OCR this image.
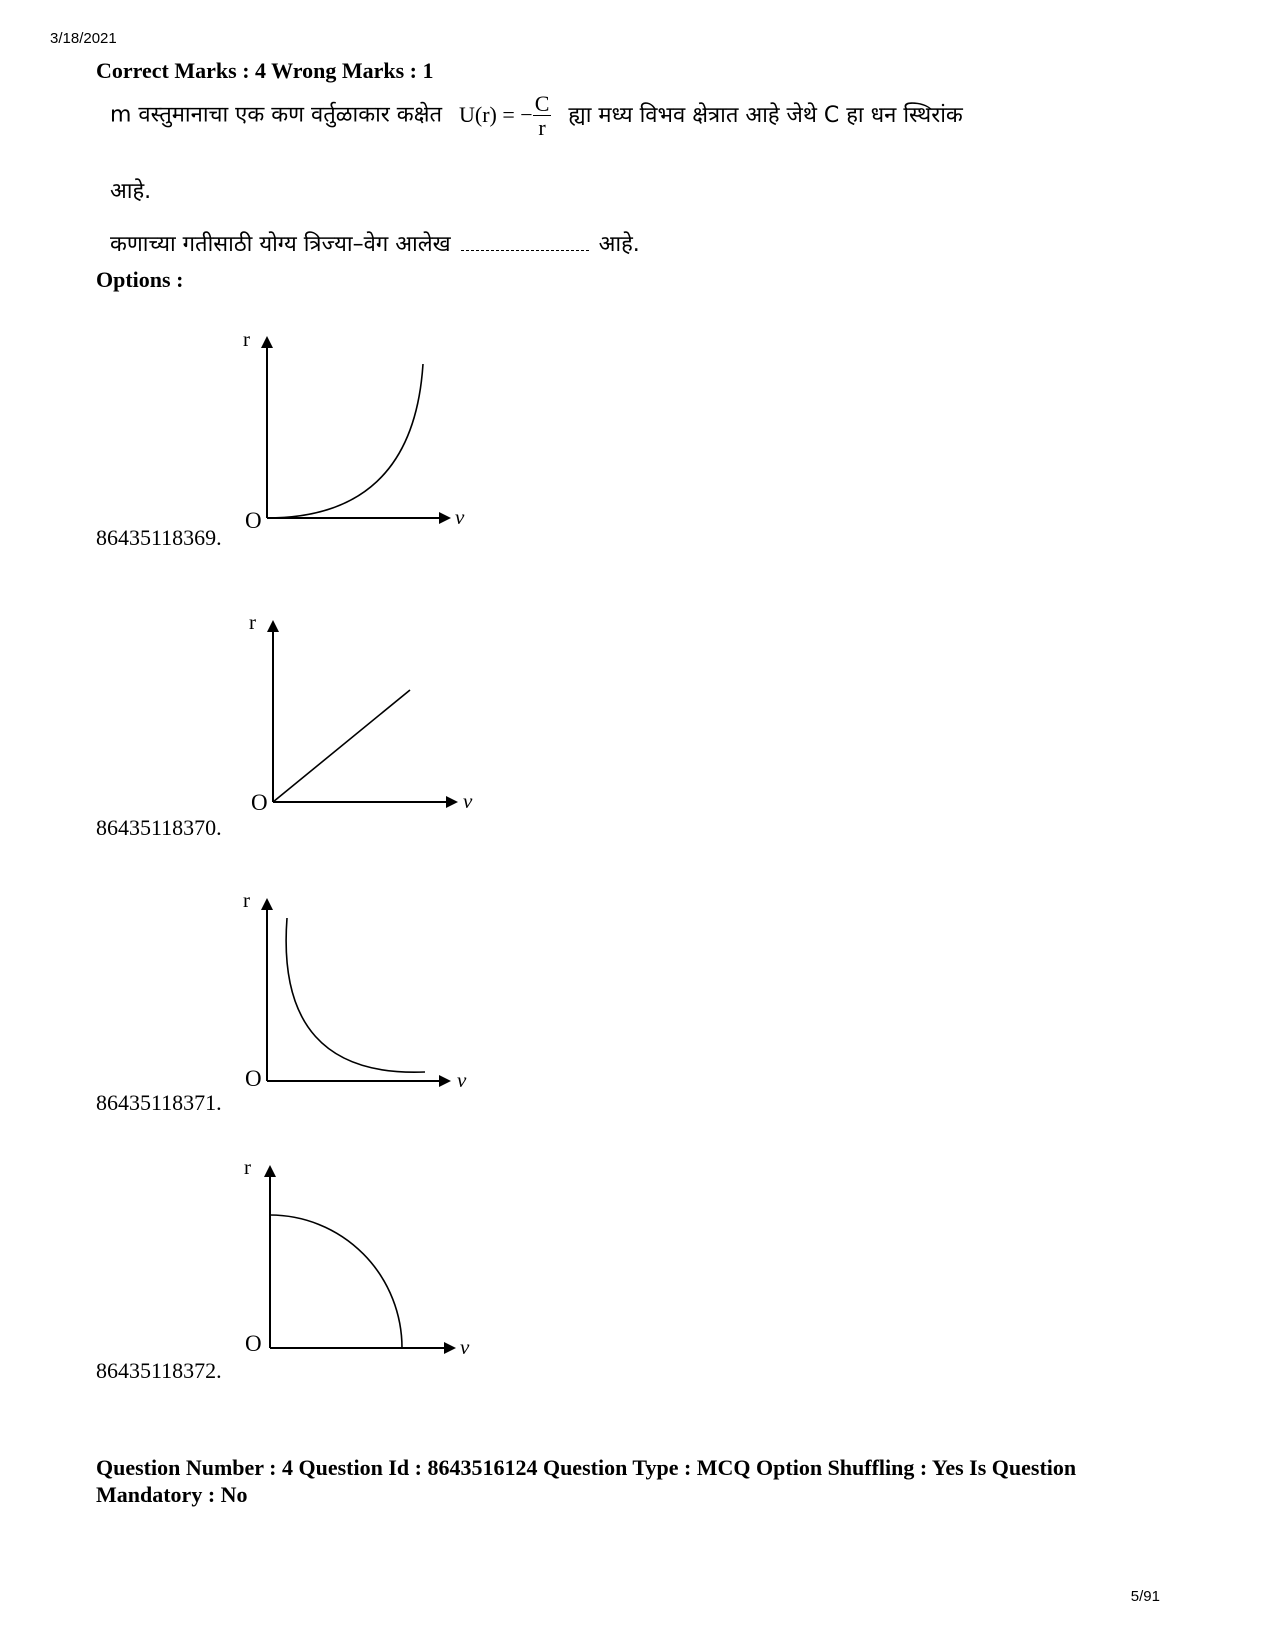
3/18/2021
Correct Marks : 4 Wrong Marks : 1
m वस्तुमानाचा एक कण वर्तुळाकार कक्षेत U(r) = − $\frac{C}{r}$ ह्या मध्य विभव क्षेत्रात आहे जेथे C हा धन स्थिरांक
आहे.
कणाच्या गतीसाठी योग्य त्रिज्या–वेग आलेख	आहे.
Options :
r
v
O
86435118369.
r
v
O
86435118370.
r
v
O
86435118371.
r
v
O
86435118372.
Question Number : 4 Question Id : 8643516124 Question Type : MCQ Option Shuffling : Yes Is Question
Mandatory : No
5/91
